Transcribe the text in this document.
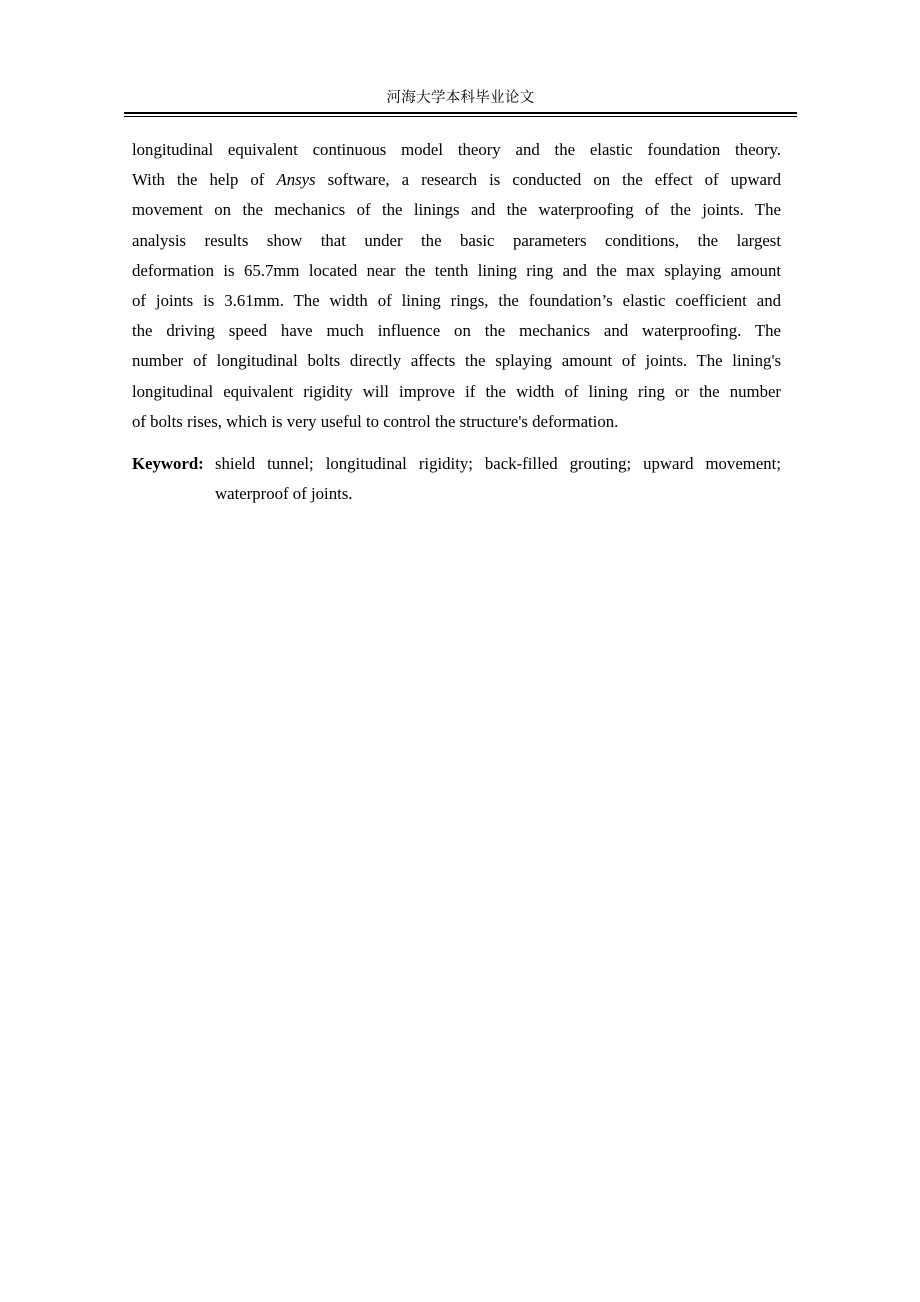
河海大学本科毕业论文
longitudinal equivalent continuous model theory and the elastic foundation theory.
With the help of Ansys software, a research is conducted on the effect of upward
movement on the mechanics of the linings and the waterproofing of the joints. The
analysis results show that under the basic parameters conditions, the largest
deformation is 65.7mm located near the tenth lining ring and the max splaying amount
of joints is 3.61mm. The width of lining rings, the foundation’s elastic coefficient and
the driving speed have much influence on the mechanics and waterproofing. The
number of longitudinal bolts directly affects the splaying amount of joints. The lining's
longitudinal equivalent rigidity will improve if the width of lining ring or the number
of bolts rises, which is very useful to control the structure's deformation.
Keyword: shield tunnel; longitudinal rigidity; back-filled grouting; upward movement;
waterproof of joints.
